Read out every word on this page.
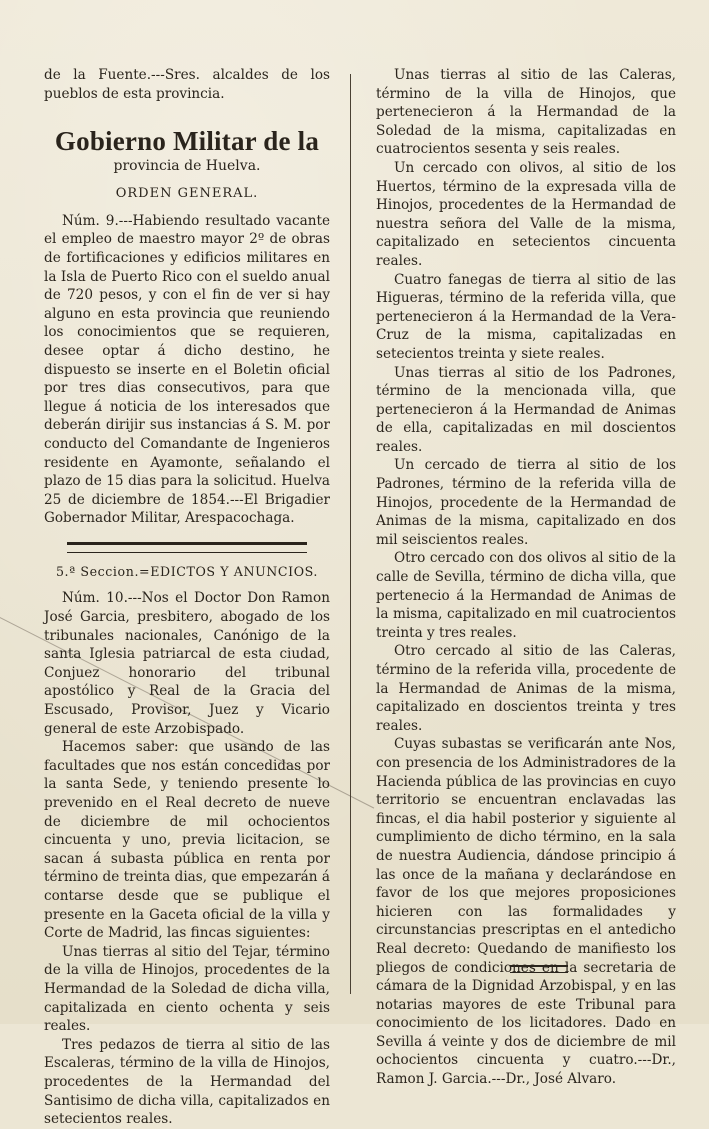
de la Fuente.---Sres. alcaldes de los pueblos de esta provincia.

Gobierno Militar de la
provincia de Huelva.
ORDEN GENERAL.

Núm. 9.---Habiendo resultado vacante el empleo de maestro mayor 2º de obras de fortificaciones y edificios militares en la Isla de Puerto Rico con el sueldo anual de 720 pesos, y con el fin de ver si hay alguno en esta provincia que reuniendo los conocimientos que se requieren, desee optar á dicho destino, he dispuesto se inserte en el Boletin oficial por tres dias consecutivos, para que llegue á noticia de los interesados que deberán dirijir sus instancias á S. M. por conducto del Comandante de Ingenieros residente en Ayamonte, señalando el plazo de 15 dias para la solicitud. Huelva 25 de diciembre de 1854.---El Brigadier Gobernador Militar, Arespacochaga.

5.ª Seccion.=EDICTOS Y ANUNCIOS.

Núm. 10.---Nos el Doctor Don Ramon José Garcia, presbitero, abogado de los tribunales nacionales, Canónigo de la santa Iglesia patriarcal de esta ciudad, Conjuez honorario del tribunal apostólico y Real de la Gracia del Escusado, Provisor, Juez y Vicario general de este Arzobispado.

Hacemos saber: que usando de las facultades que nos están concedidas por la santa Sede, y teniendo presente lo prevenido en el Real decreto de nueve de diciembre de mil ochocientos cincuenta y uno, previa licitacion, se sacan á subasta pública en renta por término de treinta dias, que empezarán á contarse desde que se publique el presente en la Gaceta oficial de la villa y Corte de Madrid, las fincas siguientes:

Unas tierras al sitio del Tejar, término de la villa de Hinojos, procedentes de la Hermandad de la Soledad de dicha villa, capitalizada en ciento ochenta y seis reales.

Tres pedazos de tierra al sitio de las Escaleras, término de la villa de Hinojos, procedentes de la Hermandad del Santisimo de dicha villa, capitalizados en setecientos reales.

Unas tierras al sitio de las Caleras, término de la villa de Hinojos, que pertenecieron á la Hermandad de la Soledad de la misma, capitalizadas en cuatrocientos sesenta y seis reales.

Un cercado con olivos, al sitio de los Huertos, término de la expresada villa de Hinojos, procedentes de la Hermandad de nuestra señora del Valle de la misma, capitalizado en setecientos cincuenta reales.

Cuatro fanegas de tierra al sitio de las Higueras, término de la referida villa, que pertenecieron á la Hermandad de la Vera-Cruz de la misma, capitalizadas en setecientos treinta y siete reales.

Unas tierras al sitio de los Padrones, término de la mencionada villa, que pertenecieron á la Hermandad de Animas de ella, capitalizadas en mil doscientos reales.

Un cercado de tierra al sitio de los Padrones, término de la referida villa de Hinojos, procedente de la Hermandad de Animas de la misma, capitalizado en dos mil seiscientos reales.

Otro cercado con dos olivos al sitio de la calle de Sevilla, término de dicha villa, que pertenecio á la Hermandad de Animas de la misma, capitalizado en mil cuatrocientos treinta y tres reales.

Otro cercado al sitio de las Caleras, término de la referida villa, procedente de la Hermandad de Animas de la misma, capitalizado en doscientos treinta y tres reales.

Cuyas subastas se verificarán ante Nos, con presencia de los Administradores de la Hacienda pública de las provincias en cuyo territorio se encuentran enclavadas las fincas, el dia habil posterior y siguiente al cumplimiento de dicho término, en la sala de nuestra Audiencia, dándose principio á las once de la mañana y declarándose en favor de los que mejores proposiciones hicieren con las formalidades y circunstancias prescriptas en el antedicho Real decreto: Quedando de manifiesto los pliegos de condiciones en la secretaria de cámara de la Dignidad Arzobispal, y en las notarias mayores de este Tribunal para conocimiento de los licitadores. Dado en Sevilla á veinte y dos de diciembre de mil ochocientos cincuenta y cuatro.---Dr., Ramon J. Garcia.---Dr., José Alvaro.
